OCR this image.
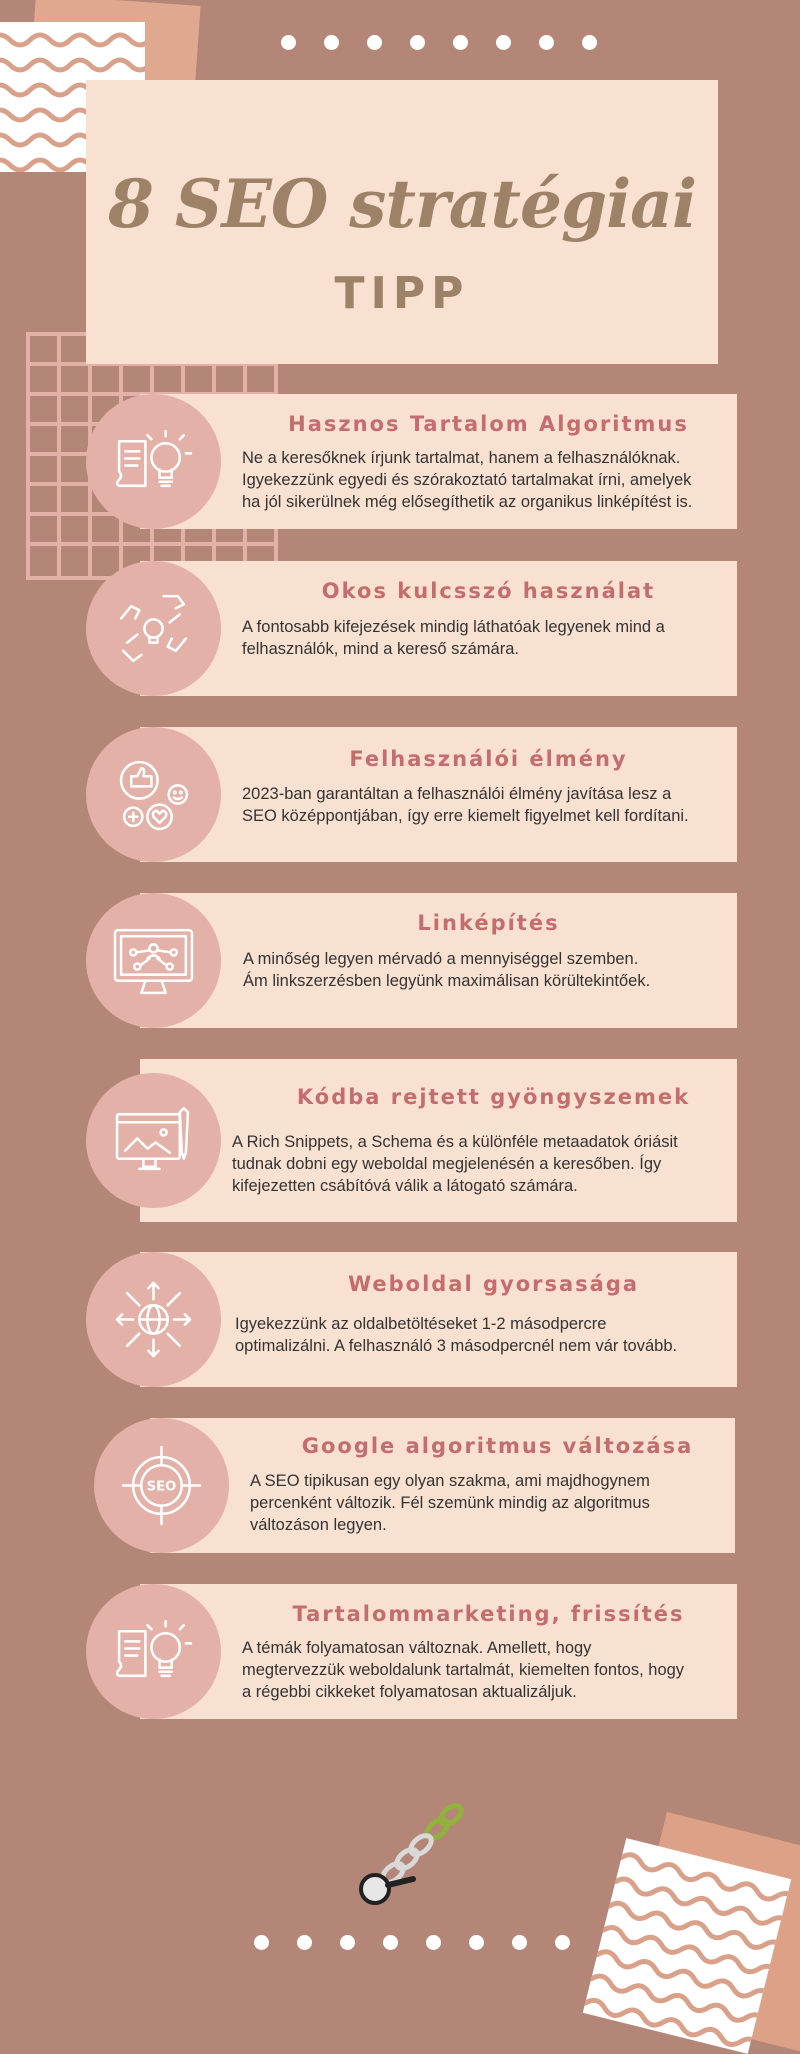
8 SEO stratégiai
TIPP
Hasznos Tartalom Algoritmus
Ne a keresőknek írjunk tartalmat, hanem a felhasználóknak.
Igyekezzünk egyedi és szórakoztató tartalmakat írni, amelyek
ha jól sikerülnek még elősegíthetik az organikus linképítést is.
Okos kulcsszó használat
A fontosabb kifejezések mindig láthatóak legyenek mind a
felhasználók, mind a kereső számára.
Felhasználói élmény
2023-ban garantáltan a felhasználói élmény javítása lesz a
SEO középpontjában, így erre kiemelt figyelmet kell fordítani.
Linképítés
A minőség legyen mérvadó a mennyiséggel szemben.
Ám linkszerzésben legyünk maximálisan körültekintőek.
Kódba rejtett gyöngyszemek
A Rich Snippets, a Schema és a különféle metaadatok óriásit
tudnak dobni egy weboldal megjelenésén a keresőben. Így
kifejezetten csábítóvá válik a látogató számára.
Weboldal gyorsasága
Igyekezzünk az oldalbetöltéseket 1-2 másodpercre
optimalizálni. A felhasználó 3 másodpercnél nem vár tovább.
Google algoritmus változása
A SEO tipikusan egy olyan szakma, ami majdhogynem
percenként változik. Fél szemünk mindig az algoritmus
változáson legyen.
SEO
Tartalommarketing, frissítés
A témák folyamatosan változnak. Amellett, hogy
megtervezzük weboldalunk tartalmát, kiemelten fontos, hogy
a régebbi cikkeket folyamatosan aktualizáljuk.
